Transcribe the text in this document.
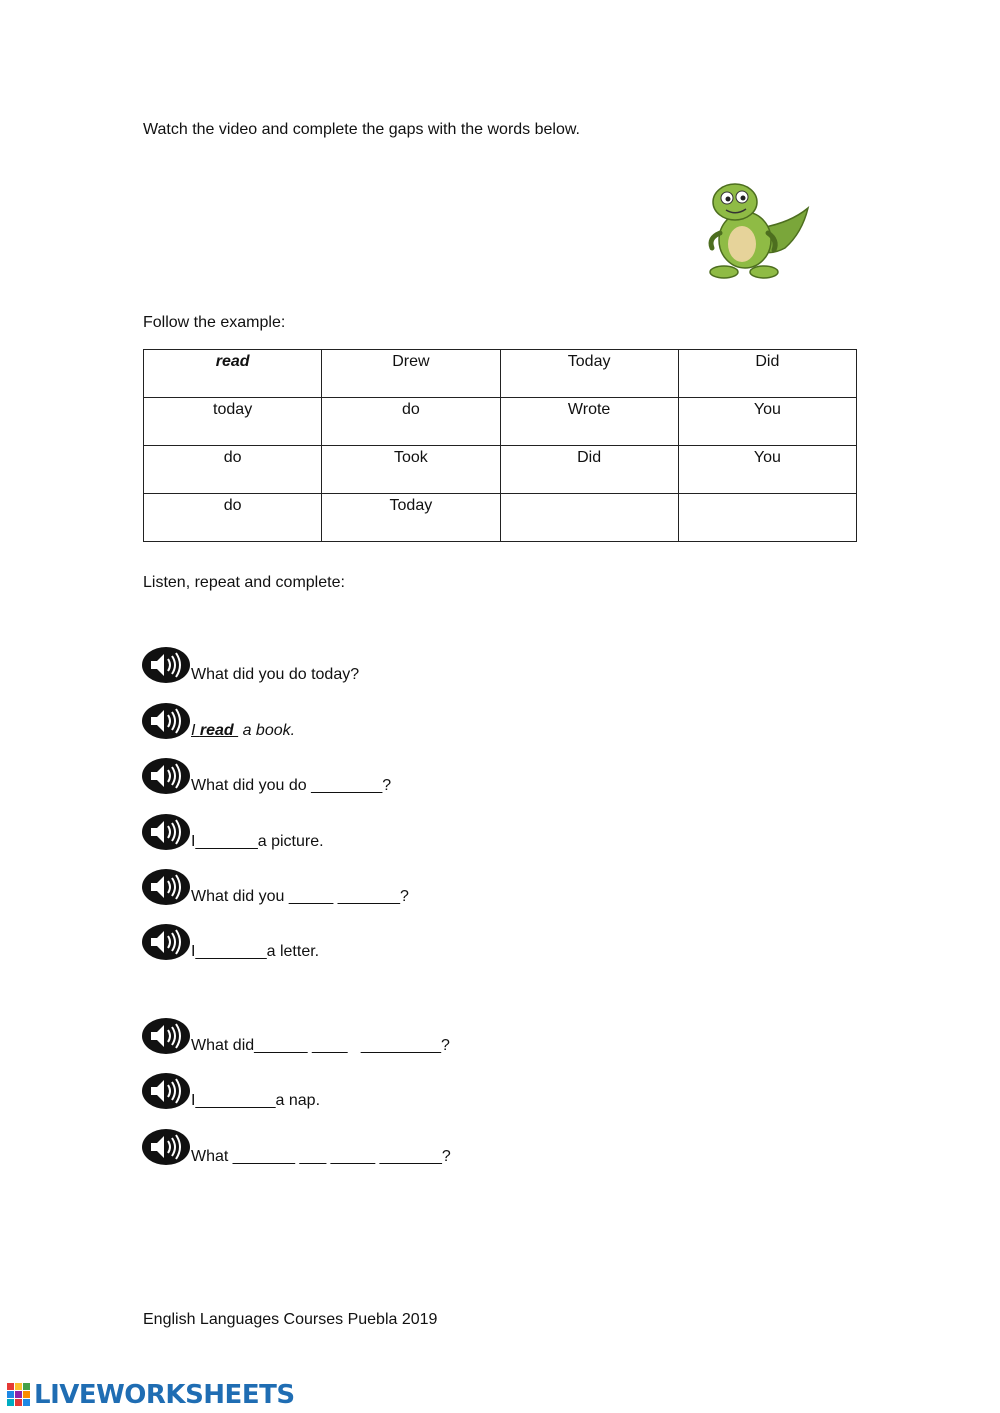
Watch the video and complete the gaps with the words below.
Follow the example:
read	Drew	Today	Did
today	do	Wrote	You
do	Took	Did	You
do	Today		
Listen, repeat and complete:
What did you do today?
I read  a book.
What did you do ________?
I_______a picture.
What did you _____ _______?
I________a letter.
What did______ ____   _________?
I_________a nap.
What _______ ___ _____ _______?
English Languages Courses Puebla 2019
LIVEWORKSHEETS
